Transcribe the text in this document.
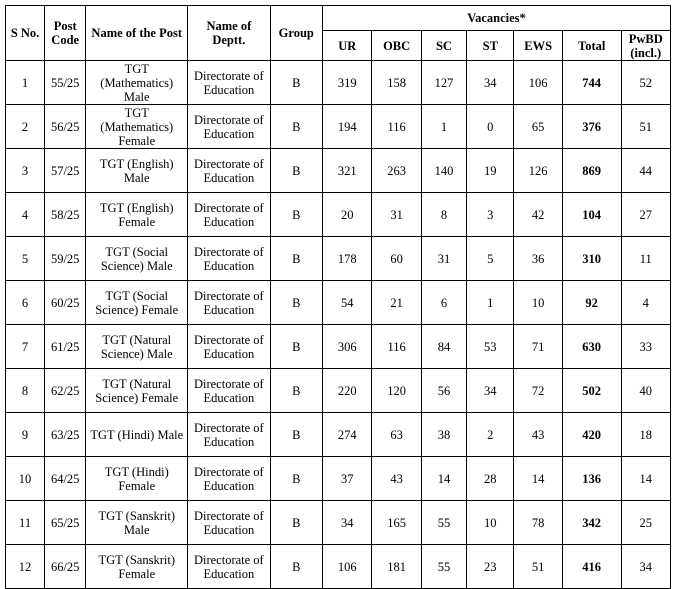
S No.	Post Code	Name of the Post	Name of Deptt.	Group	Vacancies*						
					UR	OBC	SC	ST	EWS	Total	PwBD (incl.)
1	55/25	TGT (Mathematics) Male	Directorate of Education	B	319	158	127	34	106	744	52
2	56/25	TGT (Mathematics) Female	Directorate of Education	B	194	116	1	0	65	376	51
3	57/25	TGT (English) Male	Directorate of Education	B	321	263	140	19	126	869	44
4	58/25	TGT (English) Female	Directorate of Education	B	20	31	8	3	42	104	27
5	59/25	TGT (Social Science) Male	Directorate of Education	B	178	60	31	5	36	310	11
6	60/25	TGT (Social Science) Female	Directorate of Education	B	54	21	6	1	10	92	4
7	61/25	TGT (Natural Science) Male	Directorate of Education	B	306	116	84	53	71	630	33
8	62/25	TGT (Natural Science) Female	Directorate of Education	B	220	120	56	34	72	502	40
9	63/25	TGT (Hindi) Male	Directorate of Education	B	274	63	38	2	43	420	18
10	64/25	TGT (Hindi) Female	Directorate of Education	B	37	43	14	28	14	136	14
11	65/25	TGT (Sanskrit) Male	Directorate of Education	B	34	165	55	10	78	342	25
12	66/25	TGT (Sanskrit) Female	Directorate of Education	B	106	181	55	23	51	416	34
